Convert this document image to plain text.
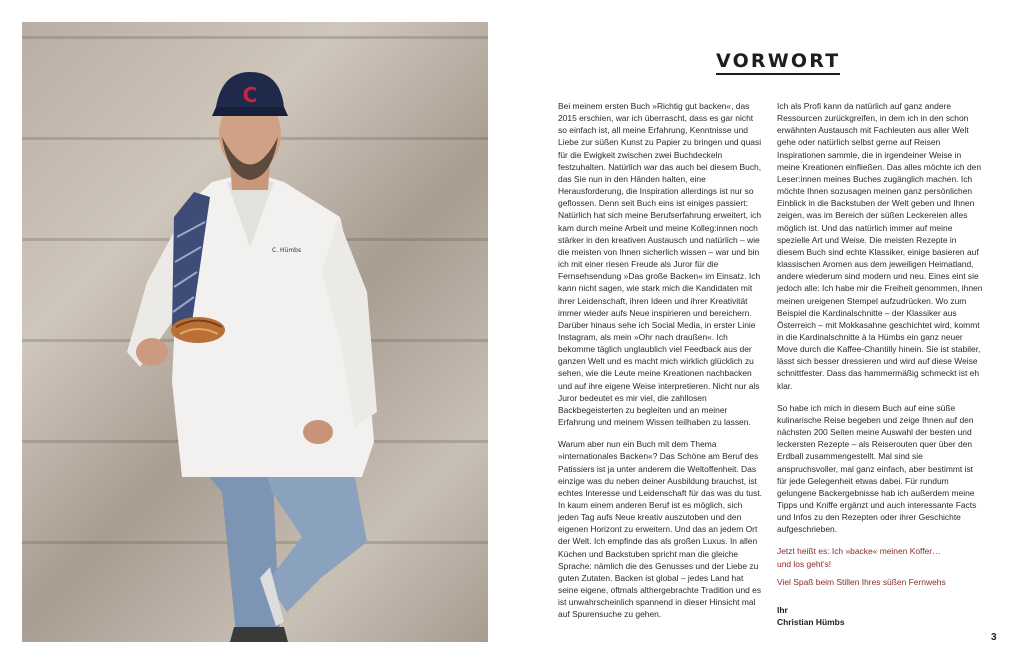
C
C. Hümbs
VORWORT

Bei meinem ersten Buch »Richtig gut backen«, das 2015 erschien, war ich überrascht, dass es gar nicht so einfach ist, all meine Erfahrung, Kenntnisse und Liebe zur süßen Kunst zu Papier zu bringen und quasi für die Ewigkeit zwischen zwei Buchdeckeln festzuhalten. Natürlich war das auch bei diesem Buch, das Sie nun in den Händen halten, eine Herausforderung, die Inspiration allerdings ist nur so geflossen. Denn seit Buch eins ist einiges passiert: Natürlich hat sich meine Berufserfahrung erweitert, ich kam durch meine Arbeit und meine Kolleg:innen noch stärker in den kreativen Austausch und natürlich – wie die meisten von Ihnen sicherlich wissen – war und bin ich mit einer riesen Freude als Juror für die Fernsehsendung »Das große Backen« im Einsatz. Ich kann nicht sagen, wie stark mich die Kandidaten mit ihrer Leidenschaft, ihren Ideen und ihrer Kreativität immer wieder aufs Neue inspirieren und bereichern. Darüber hinaus sehe ich Social Media, in erster Linie Instagram, als mein »Ohr nach draußen«. Ich bekomme täglich unglaublich viel Feedback aus der ganzen Welt und es macht mich wirklich glücklich zu sehen, wie die Leute meine Kreationen nachbacken und auf ihre eigene Weise interpretieren. Nicht nur als Juror bedeutet es mir viel, die zahllosen Backbegeisterten zu begleiten und an meiner Erfahrung und meinem Wissen teilhaben zu lassen.

Warum aber nun ein Buch mit dem Thema »internationales Backen«? Das Schöne am Beruf des Patissiers ist ja unter anderem die Weltoffenheit. Das einzige was du neben deiner Ausbildung brauchst, ist echtes Interesse und Leidenschaft für das was du tust. In kaum einem anderen Beruf ist es möglich, sich jeden Tag aufs Neue kreativ auszutoben und den eigenen Horizont zu erweitern. Und das an jedem Ort der Welt. Ich empfinde das als großen Luxus. In allen Küchen und Backstuben spricht man die gleiche Sprache: nämlich die des Genusses und der Liebe zu guten Zutaten. Backen ist global – jedes Land hat seine eigene, oftmals althergebrachte Tradition und es ist unwahrscheinlich spannend in dieser Hinsicht mal auf Spurensuche zu gehen.

Ich als Profi kann da natürlich auf ganz andere Ressourcen zurückgreifen, in dem ich in den schon erwähnten Austausch mit Fachleuten aus aller Welt gehe oder natürlich selbst gerne auf Reisen Inspirationen sammle, die in irgendeiner Weise in meine Kreationen einfließen. Das alles möchte ich den Leser:innen meines Buches zugänglich machen. Ich möchte Ihnen sozusagen meinen ganz persönlichen Einblick in die Backstuben der Welt geben und Ihnen zeigen, was im Bereich der süßen Leckereien alles möglich ist. Und das natürlich immer auf meine spezielle Art und Weise. Die meisten Rezepte in diesem Buch sind echte Klassiker, einige basieren auf klassischen Aromen aus dem jeweiligen Heimatland, andere wiederum sind modern und neu. Eines eint sie jedoch alle: Ich habe mir die Freiheit genommen, ihnen meinen ureigenen Stempel aufzudrücken. Wo zum Beispiel die Kardinalschnitte – der Klassiker aus Österreich – mit Mokkasahne geschichtet wird, kommt in die Kardinalschnitte à la Hümbs ein ganz neuer Move durch die Kaffee-Chantilly hinein. Sie ist stabiler, lässt sich besser dressieren und wird auf diese Weise schnittfester. Dass das hammermäßig schmeckt ist eh klar.

So habe ich mich in diesem Buch auf eine süße kulinarische Reise begeben und zeige Ihnen auf den nächsten 200 Seiten meine Auswahl der besten und leckersten Rezepte – als Reiserouten quer über den Erdball zusammengestellt. Mal sind sie anspruchsvoller, mal ganz einfach, aber bestimmt ist für jede Gelegenheit etwas dabei. Für rundum gelungene Backergebnisse hab ich außerdem meine Tipps und Kniffe ergänzt und auch interessante Facts und Infos zu den Rezepten oder ihrer Geschichte aufgeschrieben.

Jetzt heißt es: Ich »backe« meinen Koffer…
und los geht's!

Viel Spaß beim Stillen Ihres süßen Fernwehs

Ihr
Christian Hümbs

3
